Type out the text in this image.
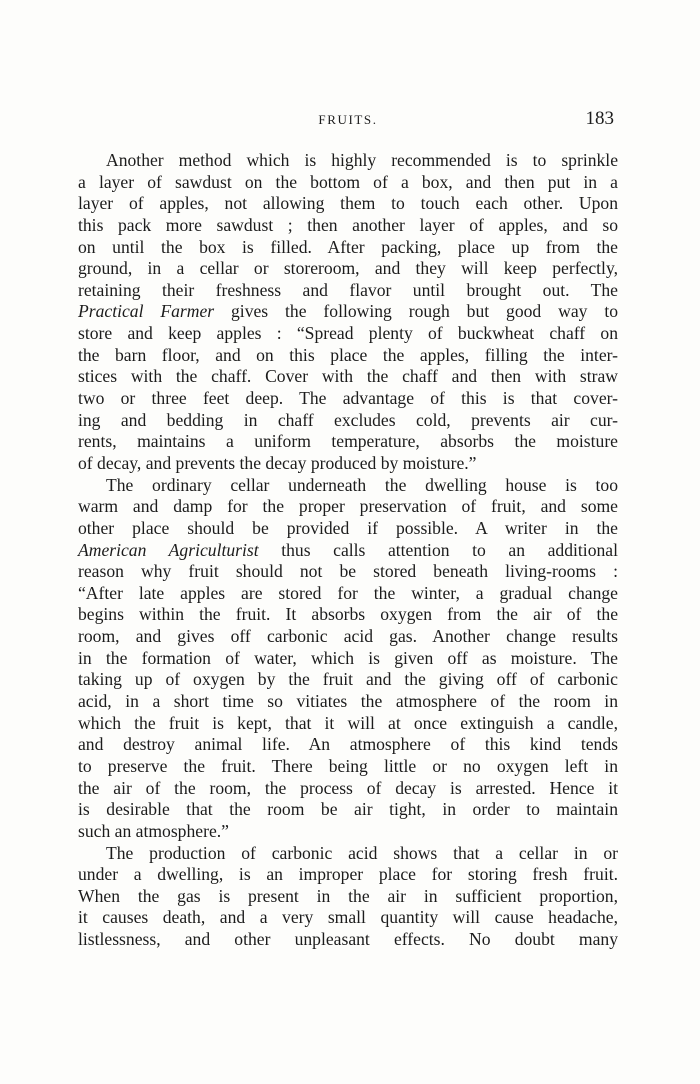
FRUITS.	183
Another method which is highly recommended is to sprinkle
a layer of sawdust on the bottom of a box, and then put in a
layer of apples, not allowing them to touch each other. Upon
this pack more sawdust ; then another layer of apples, and so
on until the box is filled. After packing, place up from the
ground, in a cellar or storeroom, and they will keep perfectly,
retaining their freshness and flavor until brought out. The
Practical Farmer gives the following rough but good way to
store and keep apples : “Spread plenty of buckwheat chaff on
the barn floor, and on this place the apples, filling the inter-
stices with the chaff. Cover with the chaff and then with straw
two or three feet deep. The advantage of this is that cover-
ing and bedding in chaff excludes cold, prevents air cur-
rents, maintains a uniform temperature, absorbs the moisture
of decay, and prevents the decay produced by moisture.”
The ordinary cellar underneath the dwelling house is too
warm and damp for the proper preservation of fruit, and some
other place should be provided if possible. A writer in the
American Agriculturist thus calls attention to an additional
reason why fruit should not be stored beneath living-rooms :
“After late apples are stored for the winter, a gradual change
begins within the fruit. It absorbs oxygen from the air of the
room, and gives off carbonic acid gas. Another change results
in the formation of water, which is given off as moisture. The
taking up of oxygen by the fruit and the giving off of carbonic
acid, in a short time so vitiates the atmosphere of the room in
which the fruit is kept, that it will at once extinguish a candle,
and destroy animal life. An atmosphere of this kind tends
to preserve the fruit. There being little or no oxygen left in
the air of the room, the process of decay is arrested. Hence it
is desirable that the room be air tight, in order to maintain
such an atmosphere.”
The production of carbonic acid shows that a cellar in or
under a dwelling, is an improper place for storing fresh fruit.
When the gas is present in the air in sufficient proportion,
it causes death, and a very small quantity will cause headache,
listlessness, and other unpleasant effects. No doubt many
